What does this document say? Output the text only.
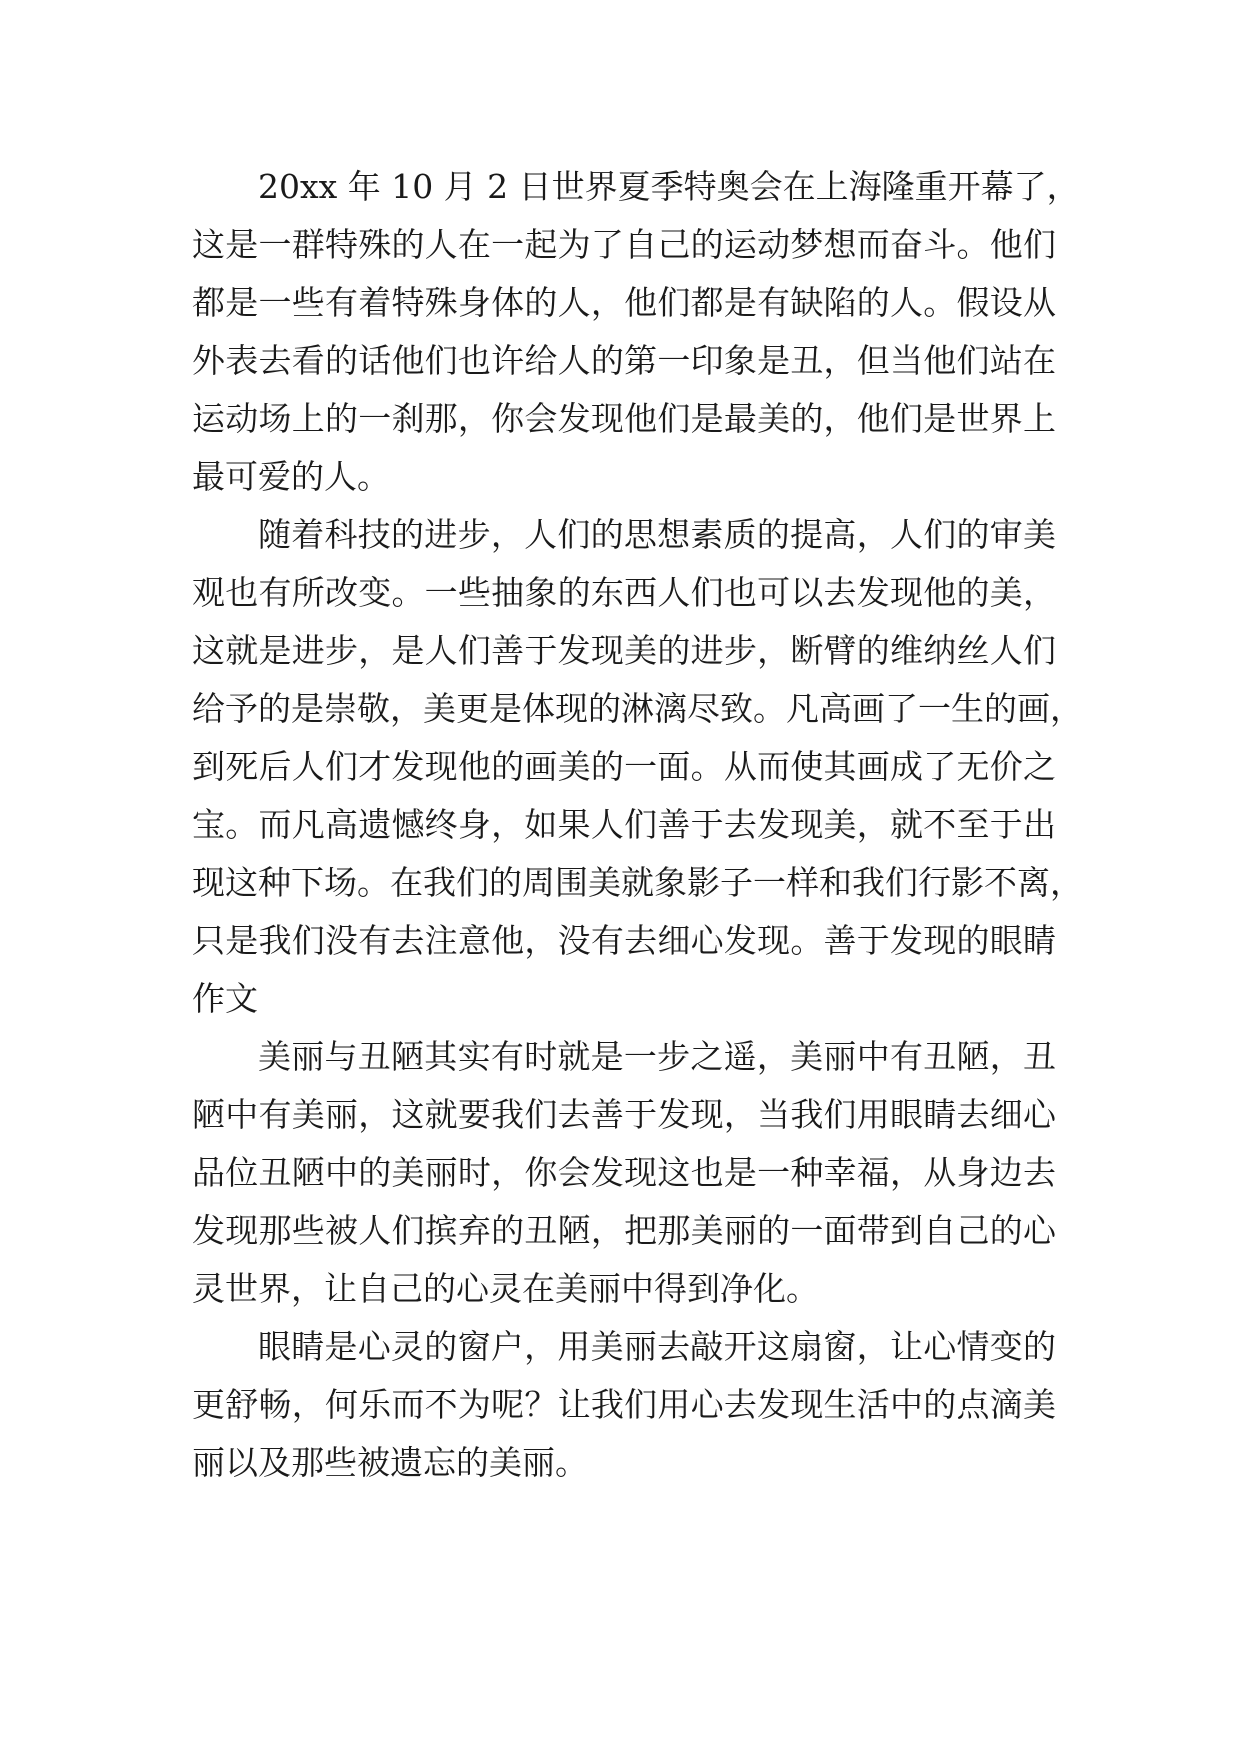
20xx 年 10 月 2 日世界夏季特奥会在上海隆重开幕了，
这是一群特殊的人在一起为了自己的运动梦想而奋斗。他们
都是一些有着特殊身体的人，他们都是有缺陷的人。假设从
外表去看的话他们也许给人的第一印象是丑，但当他们站在
运动场上的一刹那，你会发现他们是最美的，他们是世界上
最可爱的人。
随着科技的进步，人们的思想素质的提高，人们的审美
观也有所改变。一些抽象的东西人们也可以去发现他的美，
这就是进步，是人们善于发现美的进步，断臂的维纳丝人们
给予的是崇敬，美更是体现的淋漓尽致。凡高画了一生的画，
到死后人们才发现他的画美的一面。从而使其画成了无价之
宝。而凡高遗憾终身，如果人们善于去发现美，就不至于出
现这种下场。在我们的周围美就象影子一样和我们行影不离，
只是我们没有去注意他，没有去细心发现。善于发现的眼睛
作文
美丽与丑陋其实有时就是一步之遥，美丽中有丑陋，丑
陋中有美丽，这就要我们去善于发现，当我们用眼睛去细心
品位丑陋中的美丽时，你会发现这也是一种幸福，从身边去
发现那些被人们摈弃的丑陋，把那美丽的一面带到自己的心
灵世界，让自己的心灵在美丽中得到净化。
眼睛是心灵的窗户，用美丽去敲开这扇窗，让心情变的
更舒畅，何乐而不为呢？让我们用心去发现生活中的点滴美
丽以及那些被遗忘的美丽。
